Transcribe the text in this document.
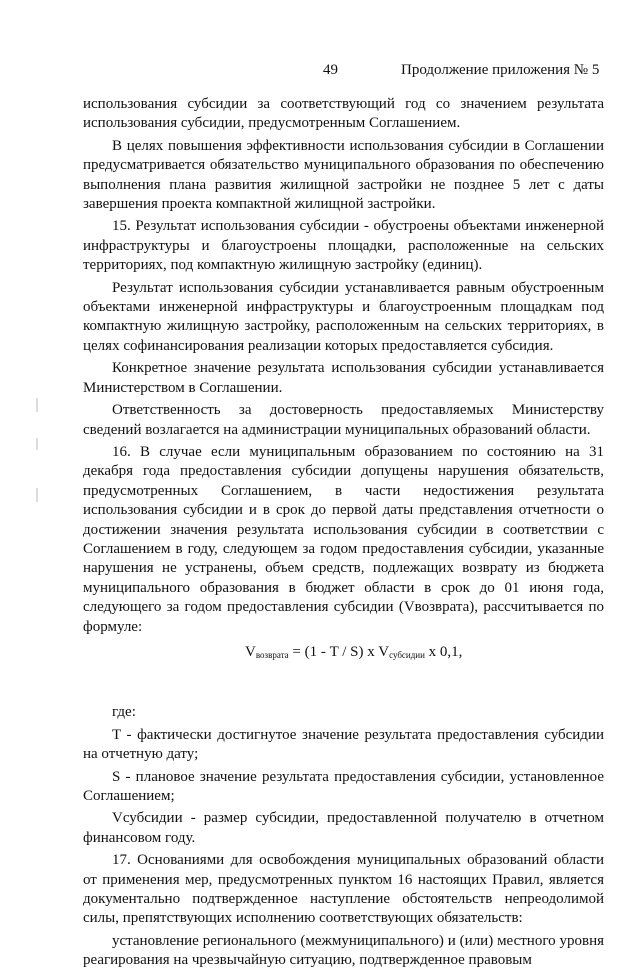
49	Продолжение приложения № 5

использования субсидии за соответствующий год со значением результата использования субсидии, предусмотренным Соглашением.

В целях повышения эффективности использования субсидии в Соглашении предусматривается обязательство муниципального образования по обеспечению выполнения плана развития жилищной застройки не позднее 5 лет с даты завершения проекта компактной жилищной застройки.

15. Результат использования субсидии - обустроены объектами инженерной инфраструктуры и благоустроены площадки, расположенные на сельских территориях, под компактную жилищную застройку (единиц).

Результат использования субсидии устанавливается равным обустроенным объектами инженерной инфраструктуры и благоустроенным площадкам под компактную жилищную застройку, расположенным на сельских территориях, в целях софинансирования реализации которых предоставляется субсидия.

Конкретное значение результата использования субсидии устанавливается Министерством в Соглашении.

Ответственность за достоверность предоставляемых Министерству сведений возлагается на администрации муниципальных образований области.

16. В случае если муниципальным образованием по состоянию на 31 декабря года предоставления субсидии допущены нарушения обязательств, предусмотренных Соглашением, в части недостижения результата использования субсидии и в срок до первой даты представления отчетности о достижении значения результата использования субсидии в соответствии с Соглашением в году, следующем за годом предоставления субсидии, указанные нарушения не устранены, объем средств, подлежащих возврату из бюджета муниципального образования в бюджет области в срок до 01 июня года, следующего за годом предоставления субсидии (Vвозврата), рассчитывается по формуле:

$V_{возврата} = (1 - T / S)$ x $V_{субсидии}$ x 0,1,

где:

T - фактически достигнутое значение результата предоставления субсидии на отчетную дату;

S - плановое значение результата предоставления субсидии, установленное Соглашением;

Vсубсидии - размер субсидии, предоставленной получателю в отчетном финансовом году.

17. Основаниями для освобождения муниципальных образований области от применения мер, предусмотренных пунктом 16 настоящих Правил, является документально подтвержденное наступление обстоятельств непреодолимой силы, препятствующих исполнению соответствующих обязательств:

установление регионального (межмуниципального) и (или) местного уровня реагирования на чрезвычайную ситуацию, подтвержденное правовым
